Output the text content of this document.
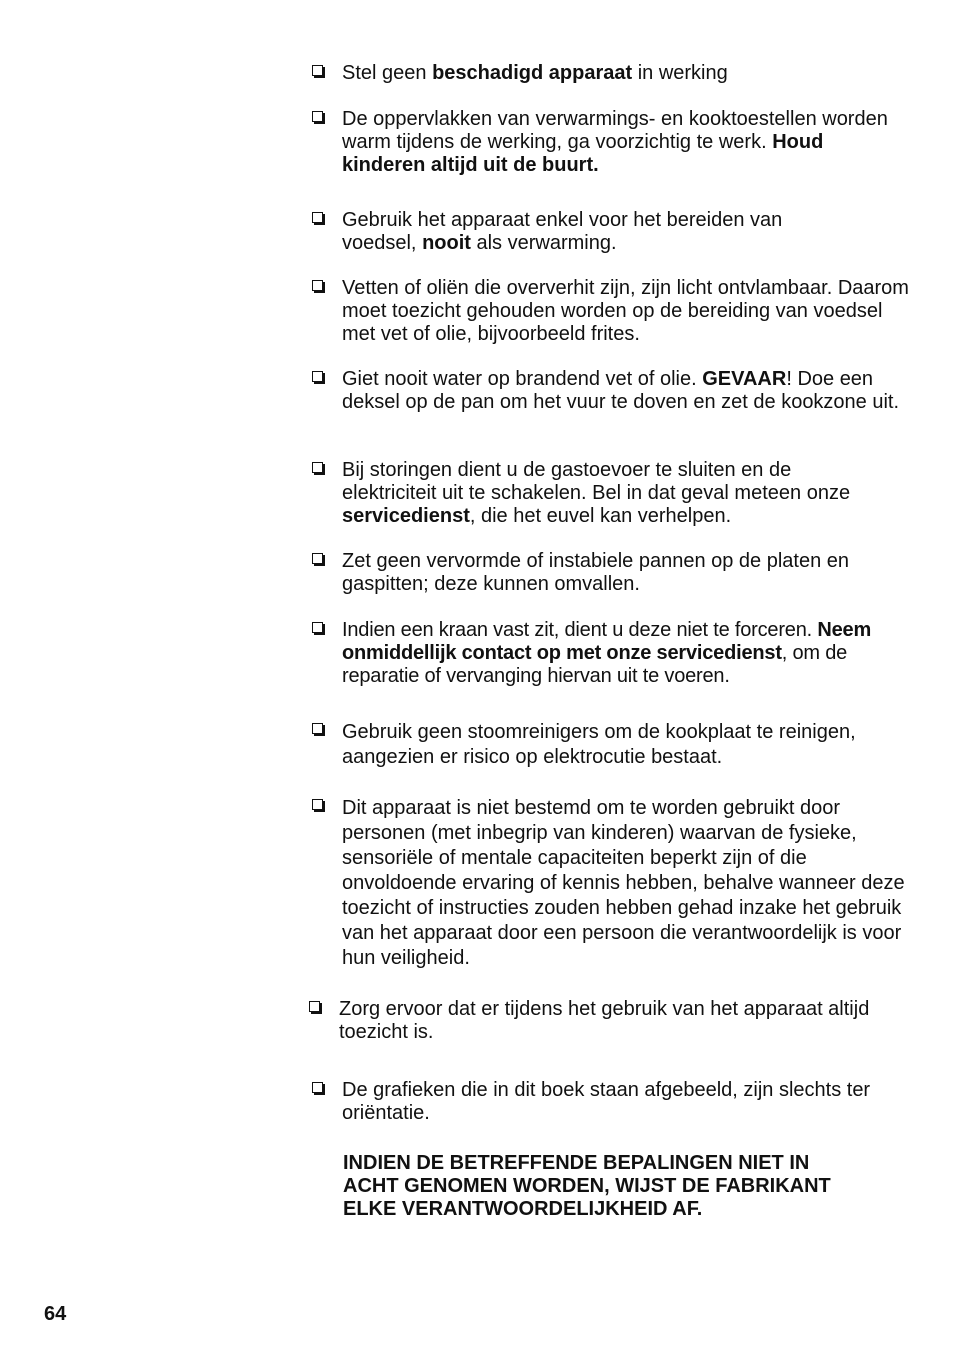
Stel geen beschadigd apparaat in werking
De oppervlakken van verwarmings- en kooktoestellen worden warm tijdens de werking, ga voorzichtig te werk. Houd kinderen altijd uit de buurt.
Gebruik het apparaat enkel voor het bereiden van voedsel, nooit als verwarming.
Vetten of oliën die oververhit zijn, zijn licht ontvlambaar. Daarom moet toezicht gehouden worden op de bereiding van voedsel met vet of olie, bijvoorbeeld frites.
Giet nooit water op brandend vet of olie. GEVAAR! Doe een deksel op de pan om het vuur te doven en zet de kookzone uit.
Bij storingen dient u de gastoevoer te sluiten en de elektriciteit uit te schakelen. Bel in dat geval meteen onze servicedienst, die het euvel kan verhelpen.
Zet geen vervormde of instabiele pannen op de platen en gaspitten; deze kunnen omvallen.
Indien een kraan vast zit, dient u deze niet te forceren. Neem onmiddellijk contact op met onze servicedienst, om de reparatie of vervanging hiervan uit te voeren.
Gebruik geen stoomreinigers om de kookplaat te reinigen, aangezien er risico op elektrocutie bestaat.
Dit apparaat is niet bestemd om te worden gebruikt door personen (met inbegrip van kinderen) waarvan de fysieke, sensoriële of mentale capaciteiten beperkt zijn of die onvoldoende ervaring of kennis hebben, behalve wanneer deze toezicht of instructies zouden hebben gehad inzake het gebruik van het apparaat door een persoon die verantwoordelijk is voor hun veiligheid.
Zorg ervoor dat er tijdens het gebruik van het apparaat altijd toezicht is.
De grafieken die in dit boek staan afgebeeld, zijn slechts ter oriëntatie.
INDIEN DE BETREFFENDE BEPALINGEN NIET IN
ACHT GENOMEN WORDEN, WIJST DE FABRIKANT
ELKE VERANTWOORDELIJKHEID AF.
64
